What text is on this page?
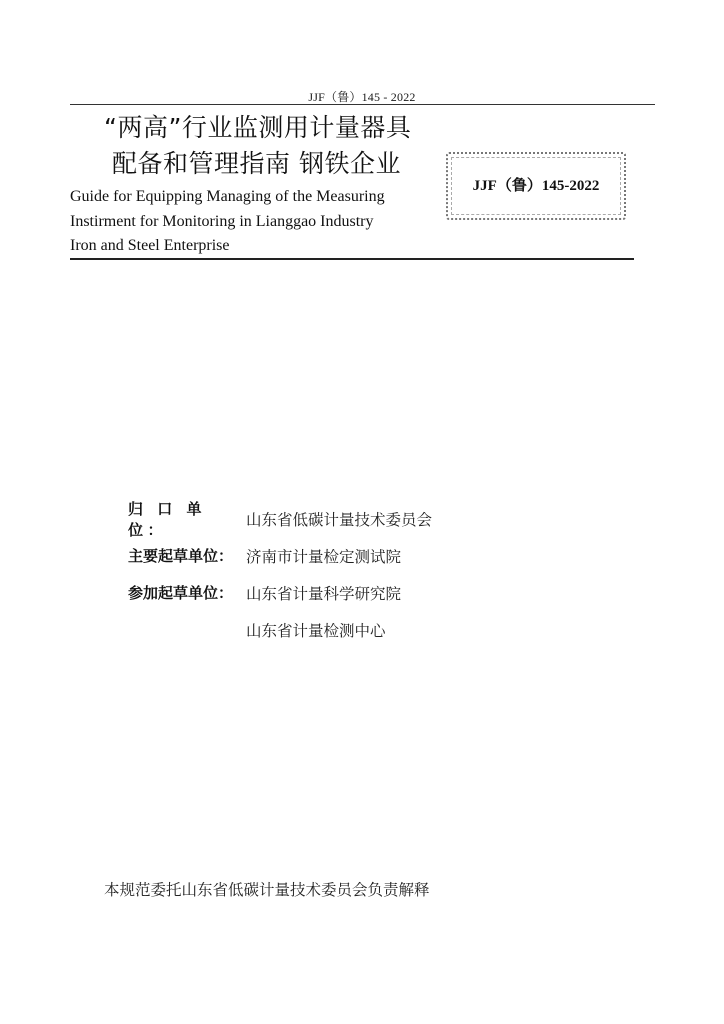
JJF（鲁）145 - 2022
“两高”行业监测用计量器具
配备和管理指南 钢铁企业
JJF（鲁）145-2022
Guide for Equipping Managing of the Measuring
Instirment for Monitoring in Lianggao Industry
Iron and Steel Enterprise
归 口 单 位：
山东省低碳计量技术委员会
主要起草单位： 济南市计量检定测试院
参加起草单位： 山东省计量科学研究院
山东省计量检测中心
本规范委托山东省低碳计量技术委员会负责解释
